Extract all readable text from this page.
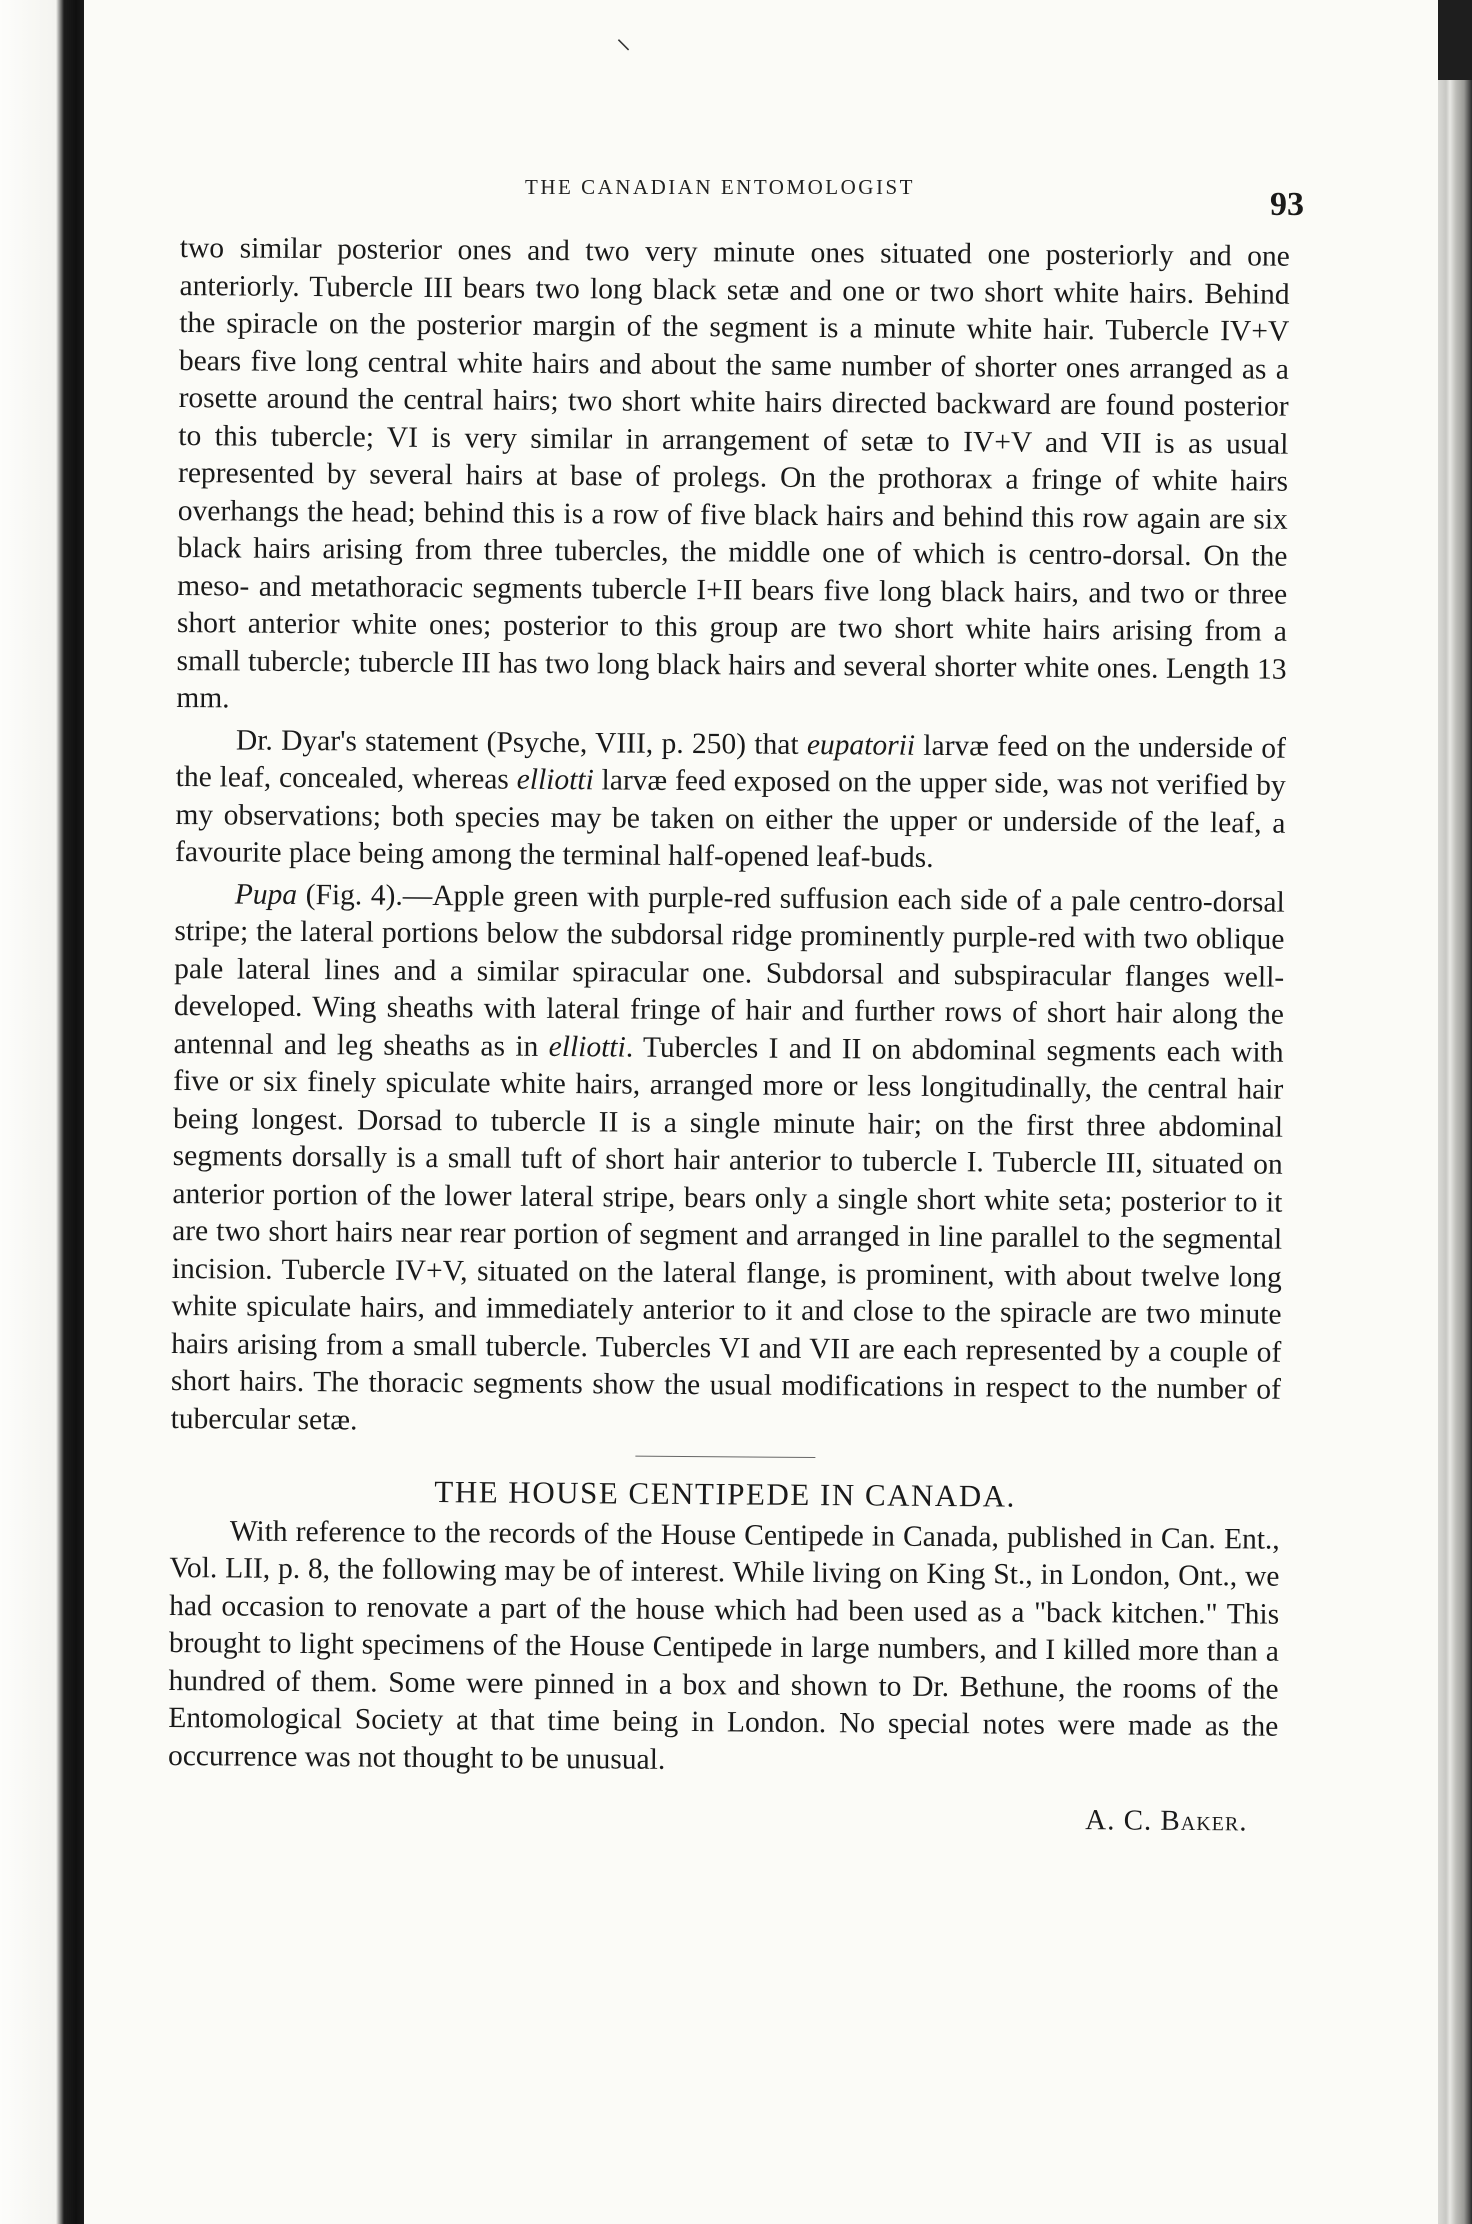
⸜
THE CANADIAN ENTOMOLOGIST	93

two similar posterior ones and two very minute ones situated one posteriorly and one anteriorly. Tubercle III bears two long black setæ and one or two short white hairs. Behind the spiracle on the posterior margin of the segment is a minute white hair. Tubercle IV+V bears five long central white hairs and about the same number of shorter ones arranged as a rosette around the central hairs; two short white hairs directed backward are found posterior to this tubercle; VI is very similar in arrangement of setæ to IV+V and VII is as usual represented by several hairs at base of prolegs. On the prothorax a fringe of white hairs overhangs the head; behind this is a row of five black hairs and behind this row again are six black hairs arising from three tubercles, the middle one of which is centro-dorsal. On the meso- and metathoracic segments tubercle I+II bears five long black hairs, and two or three short anterior white ones; posterior to this group are two short white hairs arising from a small tubercle; tubercle III has two long black hairs and several shorter white ones. Length 13 mm.

Dr. Dyar's statement (Psyche, VIII, p. 250) that eupatorii larvæ feed on the underside of the leaf, concealed, whereas elliotti larvæ feed exposed on the upper side, was not verified by my observations; both species may be taken on either the upper or underside of the leaf, a favourite place being among the terminal half-opened leaf-buds.

Pupa (Fig. 4).—Apple green with purple-red suffusion each side of a pale centro-dorsal stripe; the lateral portions below the subdorsal ridge prominently purple-red with two oblique pale lateral lines and a similar spiracular one. Subdorsal and subspiracular flanges well-developed. Wing sheaths with lateral fringe of hair and further rows of short hair along the antennal and leg sheaths as in elliotti. Tubercles I and II on abdominal segments each with five or six finely spiculate white hairs, arranged more or less longitudinally, the central hair being longest. Dorsad to tubercle II is a single minute hair; on the first three abdominal segments dorsally is a small tuft of short hair anterior to tubercle I. Tubercle III, situated on anterior portion of the lower lateral stripe, bears only a single short white seta; posterior to it are two short hairs near rear portion of segment and arranged in line parallel to the segmental incision. Tubercle IV+V, situated on the lateral flange, is prominent, with about twelve long white spiculate hairs, and immediately anterior to it and close to the spiracle are two minute hairs arising from a small tubercle. Tubercles VI and VII are each represented by a couple of short hairs. The thoracic segments show the usual modifications in respect to the number of tubercular setæ.

THE HOUSE CENTIPEDE IN CANADA.

With reference to the records of the House Centipede in Canada, published in Can. Ent., Vol. LII, p. 8, the following may be of interest. While living on King St., in London, Ont., we had occasion to renovate a part of the house which had been used as a "back kitchen." This brought to light specimens of the House Centipede in large numbers, and I killed more than a hundred of them. Some were pinned in a box and shown to Dr. Bethune, the rooms of the Entomological Society at that time being in London. No special notes were made as the occurrence was not thought to be unusual.

A. C. Baker.
